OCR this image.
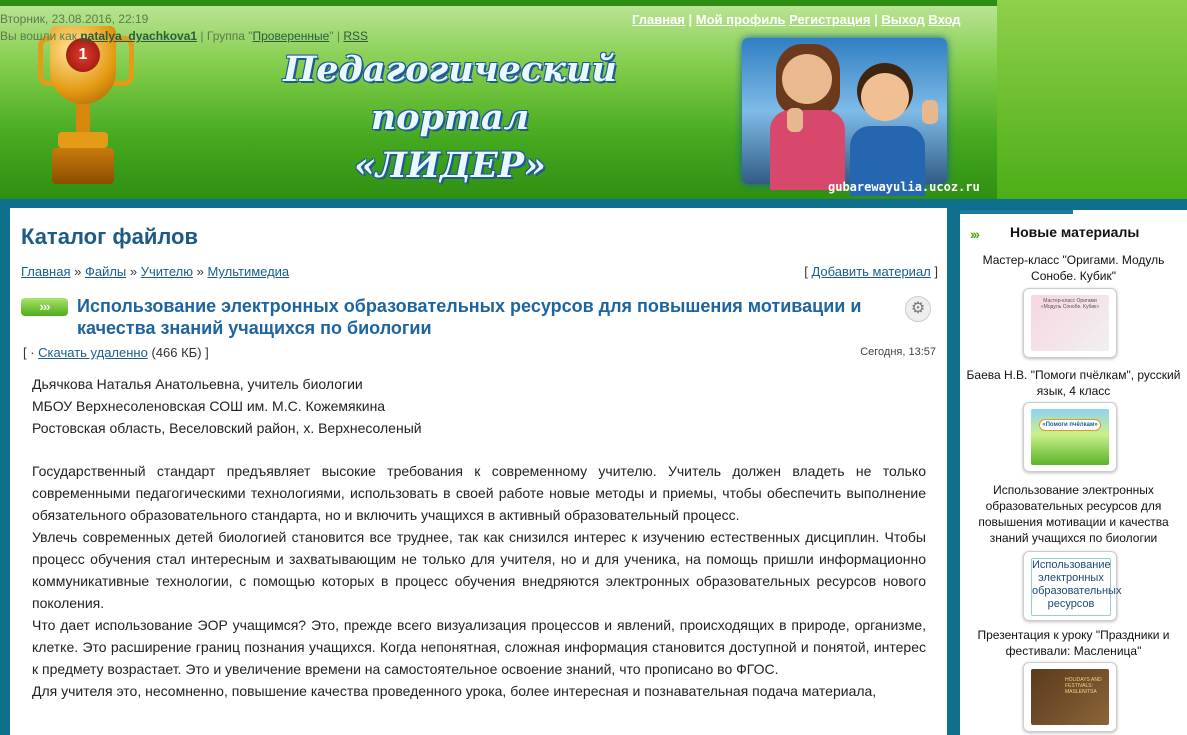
1
Вторник, 23.08.2016, 22:19
Вы вошли как natalya_dyachkova1 | Группа "Проверенные" | RSS
Главная | Мой профиль Регистрация | Выход Вход
Педагогический портал
«ЛИДЕР»
gubarewayulia.ucoz.ru
Каталог файлов
Главная » Файлы » Учителю » Мультимедиа	[ Добавить материал ]
›››	Использование электронных образовательных ресурсов для повышения мотивации и качества знаний учащихся по биологии
⚙
[ · Скачать удаленно (466 КБ) ]	Сегодня, 13:57
Дьячкова Наталья Анатольевна, учитель биологии
МБОУ Верхнесоленовская СОШ им. М.С. Кожемякина
Ростовская область, Веселовский район, х. Верхнесоленый

Государственный стандарт предъявляет высокие требования к современному учителю. Учитель должен владеть не только современными педагогическими технологиями, использовать в своей работе новые методы и приемы, чтобы обеспечить выполнение обязательного образовательного стандарта, но и включить учащихся в активный образовательный процесс.

Увлечь современных детей биологией становится все труднее, так как снизился интерес к изучению естественных дисциплин. Чтобы процесс обучения стал интересным и захватывающим не только для учителя, но и для ученика, на помощь пришли информационно коммуникативные технологии, с помощью которых в процесс обучения внедряются электронных образовательных ресурсов нового поколения.

Что дает использование ЭОР учащимся? Это, прежде всего визуализация процессов и явлений, происходящих в природе, организме, клетке. Это расширение границ познания учащихся. Когда непонятная, сложная информация становится доступной и понятой, интерес к предмету возрастает. Это и увеличение времени на самостоятельное освоение знаний, что прописано во ФГОС.

Для учителя это, несомненно, повышение качества проведенного урока, более интересная и познавательная подача материала,

›››	Новые материалы
Мастер-класс "Оригами. Модуль Сонобе. Кубик"
Мастер-класс Оригами «Модуль Сонобе. Кубик»
Баева Н.В. "Помоги пчёлкам", русский язык, 4 класс
«Помоги пчёлкам»
Использование электронных образовательных ресурсов для повышения мотивации и качества знаний учащихся по биологии
Использование электронных образовательных ресурсов
Презентация к уроку "Праздники и фестивали: Масленица"
HOLIDAYS AND FESTIVALS: MASLENITSA
